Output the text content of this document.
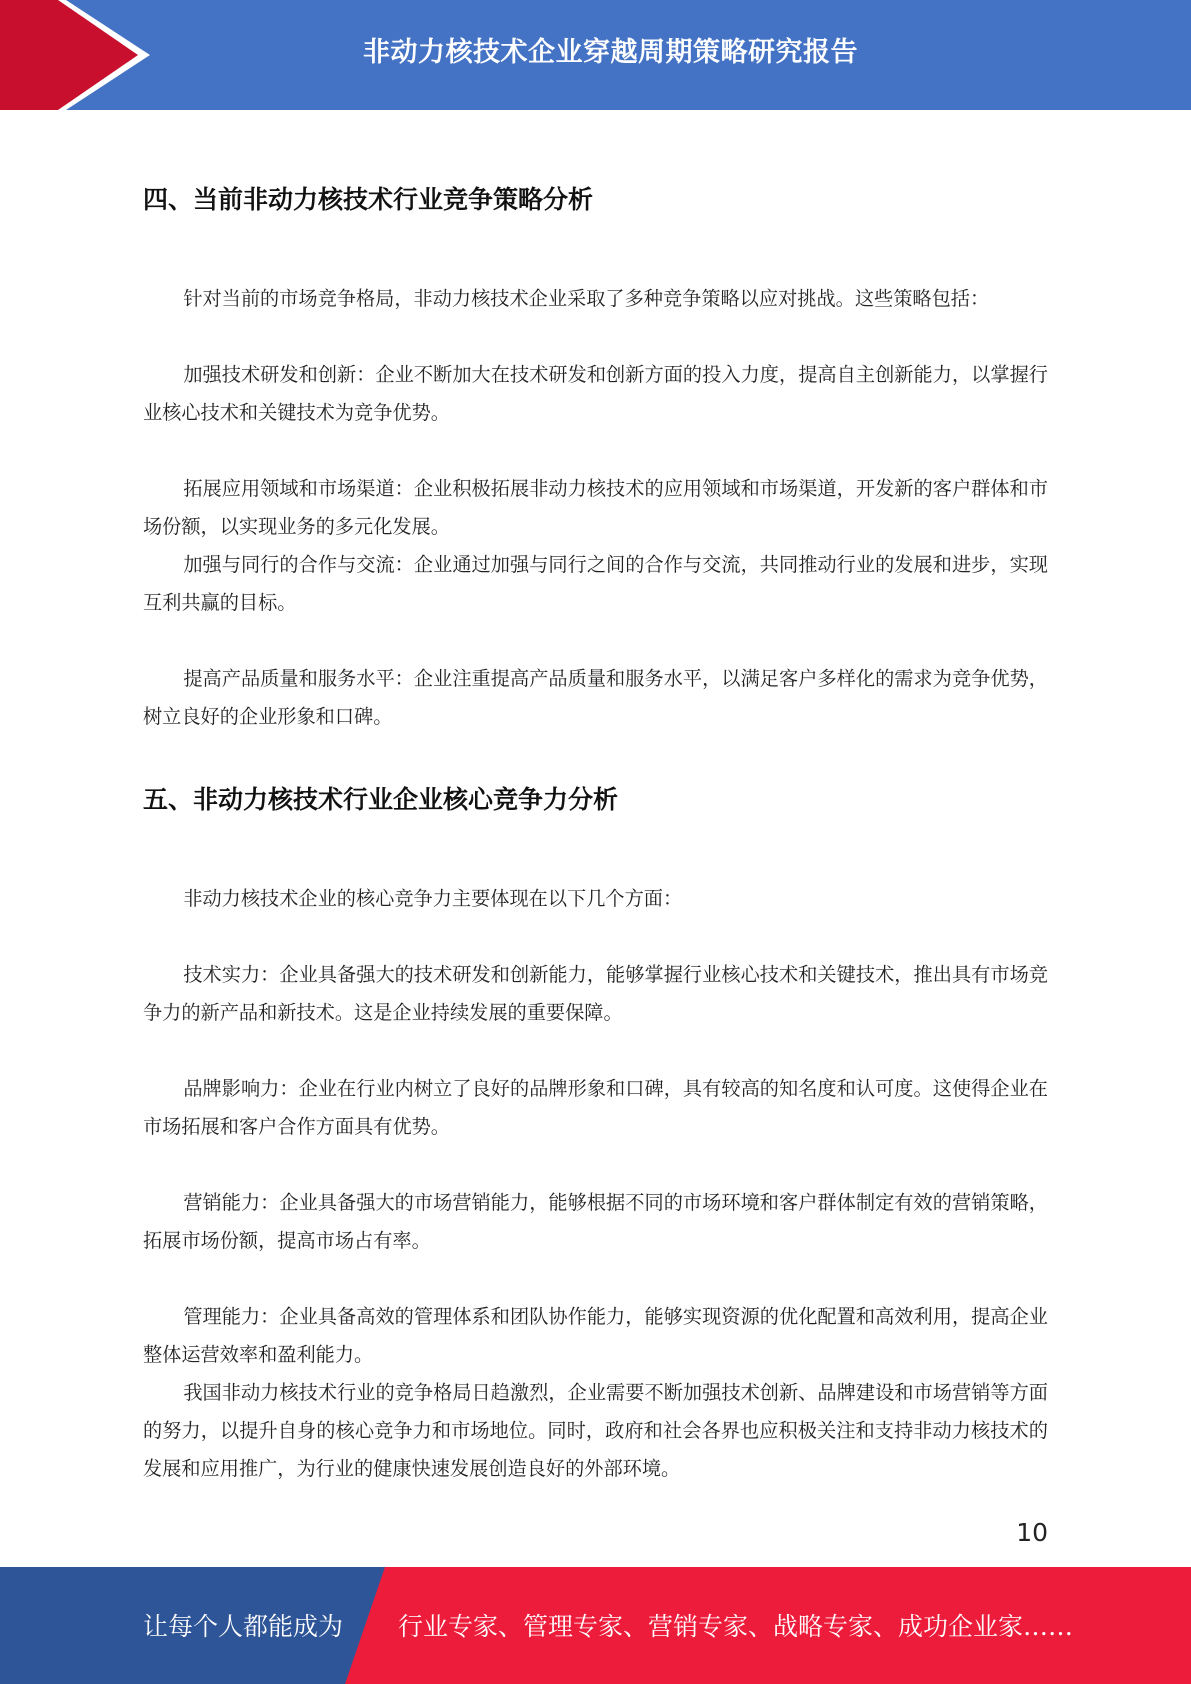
非动力核技术企业穿越周期策略研究报告
四、当前非动力核技术行业竞争策略分析

针对当前的市场竞争格局，非动力核技术企业采取了多种竞争策略以应对挑战。这些策略包括：

加强技术研发和创新：企业不断加大在技术研发和创新方面的投入力度，提高自主创新能力，以掌握行业核心技术和关键技术为竞争优势。

拓展应用领域和市场渠道：企业积极拓展非动力核技术的应用领域和市场渠道，开发新的客户群体和市场份额，以实现业务的多元化发展。

加强与同行的合作与交流：企业通过加强与同行之间的合作与交流，共同推动行业的发展和进步，实现互利共赢的目标。

提高产品质量和服务水平：企业注重提高产品质量和服务水平，以满足客户多样化的需求为竞争优势，树立良好的企业形象和口碑。

五、非动力核技术行业企业核心竞争力分析

非动力核技术企业的核心竞争力主要体现在以下几个方面：

技术实力：企业具备强大的技术研发和创新能力，能够掌握行业核心技术和关键技术，推出具有市场竞争力的新产品和新技术。这是企业持续发展的重要保障。

品牌影响力：企业在行业内树立了良好的品牌形象和口碑，具有较高的知名度和认可度。这使得企业在市场拓展和客户合作方面具有优势。

营销能力：企业具备强大的市场营销能力，能够根据不同的市场环境和客户群体制定有效的营销策略，拓展市场份额，提高市场占有率。

管理能力：企业具备高效的管理体系和团队协作能力，能够实现资源的优化配置和高效利用，提高企业整体运营效率和盈利能力。

我国非动力核技术行业的竞争格局日趋激烈，企业需要不断加强技术创新、品牌建设和市场营销等方面的努力，以提升自身的核心竞争力和市场地位。同时，政府和社会各界也应积极关注和支持非动力核技术的发展和应用推广，为行业的健康快速发展创造良好的外部环境。

10
让每个人都能成为 行业专家、管理专家、营销专家、战略专家、成功企业家……
